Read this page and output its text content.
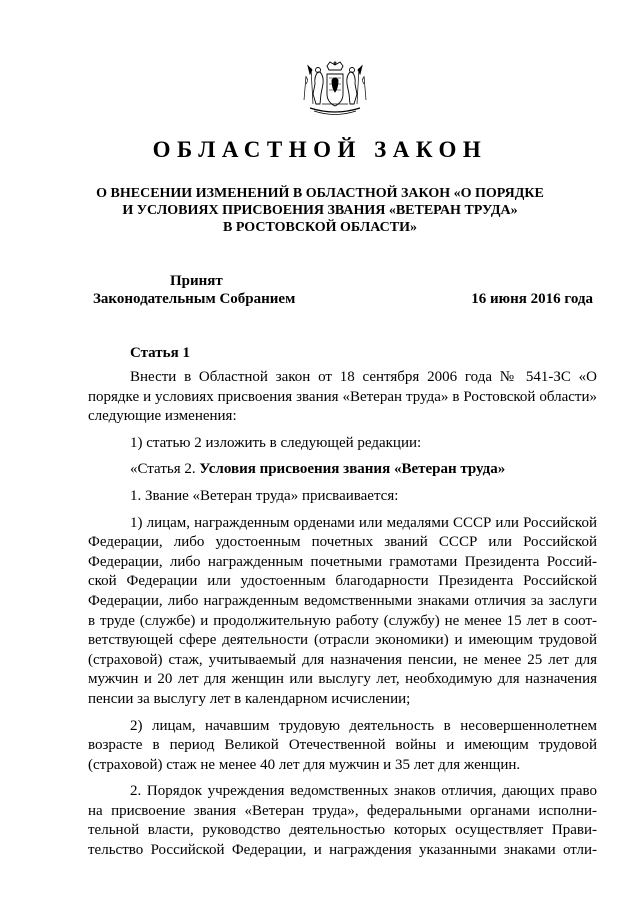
ОБЛАСТНОЙ ЗАКОН
О ВНЕСЕНИИ ИЗМЕНЕНИЙ В ОБЛАСТНОЙ ЗАКОН «О ПОРЯДКЕ
И УСЛОВИЯХ ПРИСВОЕНИЯ ЗВАНИЯ «ВЕТЕРАН ТРУДА»
В РОСТОВСКОЙ ОБЛАСТИ»
Принят
Законодательным Собранием	16 июня 2016 года
Статья 1

Внести в Областной закон от 18 сентября 2006 года № 541-ЗС «О порядке и условиях присвоения звания «Ветеран труда» в Ростовской области» следующие изменения:

1) статью 2 изложить в следующей редакции:

«Статья 2. Условия присвоения звания «Ветеран труда»

1. Звание «Ветеран труда» присваивается:

1) лицам, награжденным орденами или медалями СССР или Российской Федерации, либо удостоенным почетных званий СССР или Российской Федерации, либо награжденным почетными грамотами Президента Российской Федерации или удостоенным благодарности Президента Российской Федерации, либо награжденным ведомственными знаками отличия за заслуги в труде (службе) и продолжительную работу (службу) не менее 15 лет в соответствующей сфере деятельности (отрасли экономики) и имеющим трудовой (страховой) стаж, учитываемый для назначения пенсии, не менее 25 лет для мужчин и 20 лет для женщин или выслугу лет, необходимую для назначения пенсии за выслугу лет в календарном исчислении;

2) лицам, начавшим трудовую деятельность в несовершеннолетнем возрасте в период Великой Отечественной войны и имеющим трудовой (страховой) стаж не менее 40 лет для мужчин и 35 лет для женщин.

2. Порядок учреждения ведомственных знаков отличия, дающих право на присвоение звания «Ветеран труда», федеральными органами исполнительной власти, руководство деятельностью которых осуществляет Правительство Российской Федерации, и награждения указанными знаками отли-
